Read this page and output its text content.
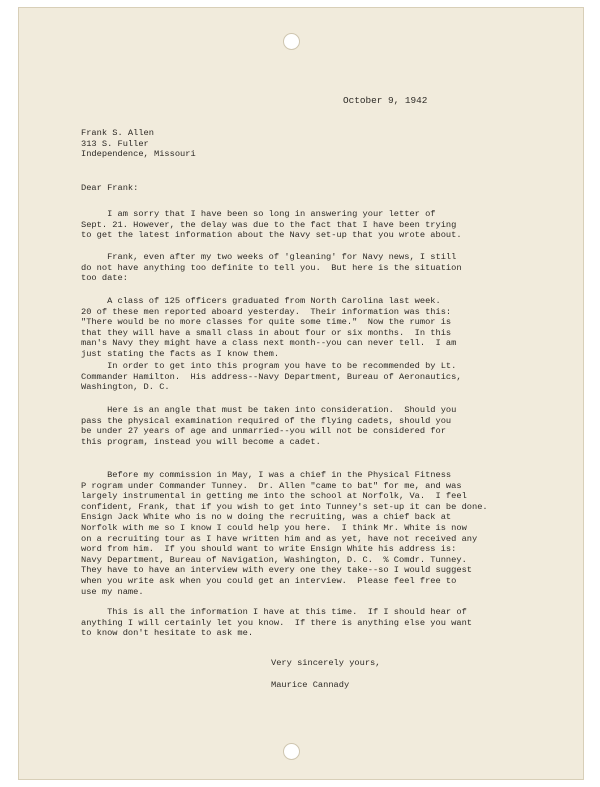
October 9, 1942
Frank S. Allen
313 S. Fuller
Independence, Missouri
Dear Frank:
I am sorry that I have been so long in answering your letter of
Sept. 21. However, the delay was due to the fact that I have been trying
to get the latest information about the Navy set-up that you wrote about.
Frank, even after my two weeks of 'gleaning' for Navy news, I still
do not have anything too definite to tell you.  But here is the situation
too date:
A class of 125 officers graduated from North Carolina last week.
20 of these men reported aboard yesterday.  Their information was this:
"There would be no more classes for quite some time."  Now the rumor is
that they will have a small class in about four or six months.  In this
man's Navy they might have a class next month--you can never tell.  I am
just stating the facts as I know them.
In order to get into this program you have to be recommended by Lt.
Commander Hamilton.  His address--Navy Department, Bureau of Aeronautics,
Washington, D. C.
Here is an angle that must be taken into consideration.  Should you
pass the physical examination required of the flying cadets, should you
be under 27 years of age and unmarried--you will not be considered for
this program, instead you will become a cadet.
Before my commission in May, I was a chief in the Physical Fitness
P rogram under Commander Tunney.  Dr. Allen "came to bat" for me, and was
largely instrumental in getting me into the school at Norfolk, Va.  I feel
confident, Frank, that if you wish to get into Tunney's set-up it can be done.
Ensign Jack White who is no w doing the recruiting, was a chief back at
Norfolk with me so I know I could help you here.  I think Mr. White is now
on a recruiting tour as I have written him and as yet, have not received any
word from him.  If you should want to write Ensign White his address is:
Navy Department, Bureau of Navigation, Washington, D. C.  % Comdr. Tunney.
They have to have an interview with every one they take--so I would suggest
when you write ask when you could get an interview.  Please feel free to
use my name.
This is all the information I have at this time.  If I should hear of
anything I will certainly let you know.  If there is anything else you want
to know don't hesitate to ask me.
Very sincerely yours,
Maurice Cannady
